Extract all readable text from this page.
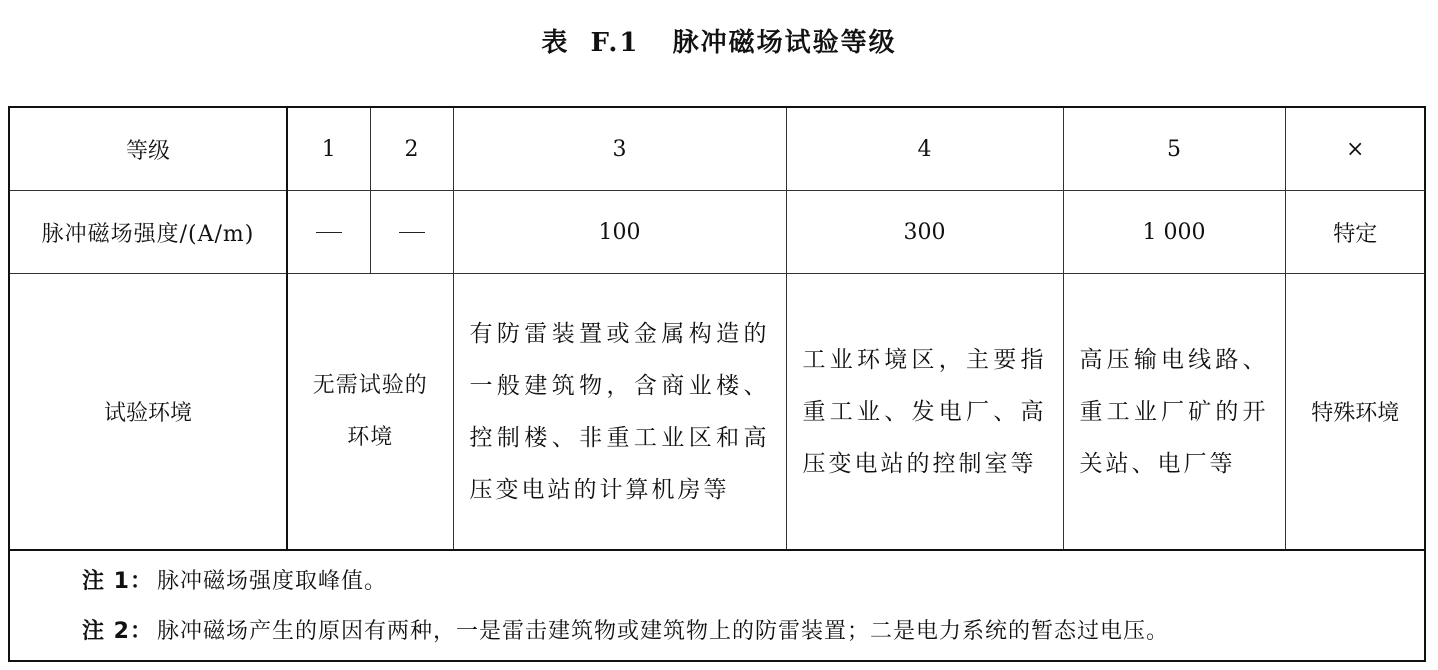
表 F.1 脉冲磁场试验等级
等级	1	2	3	4	5	×
脉冲磁场强度/(A/m)			100	300	1 000	特定
试验环境	无需试验的环境		有防雷装置或金属构造的一般建筑物，含商业楼、控制楼、非重工业区和高压变电站的计算机房等	工业环境区，主要指重工业、发电厂、高压变电站的控制室等	高压输电线路、重工业厂矿的开关站、电厂等	特殊环境
注 1： 脉冲磁场强度取峰值。
注 2： 脉冲磁场产生的原因有两种，一是雷击建筑物或建筑物上的防雷装置；二是电力系统的暂态过电压。
